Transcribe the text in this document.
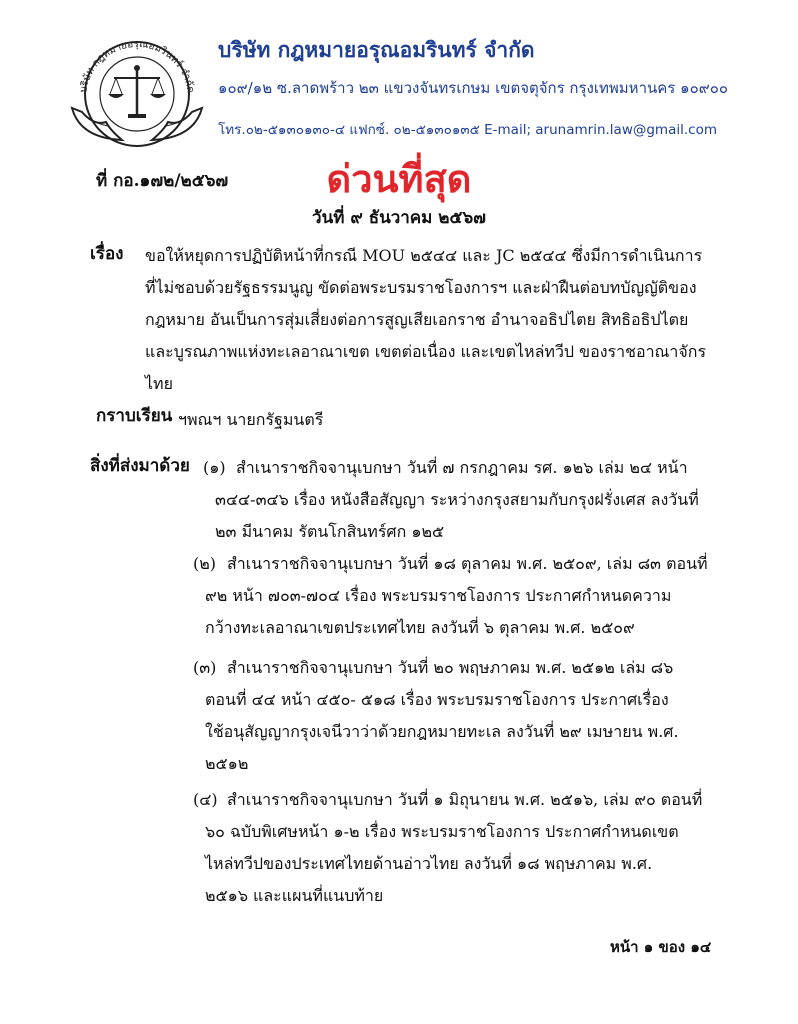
บริษัท กฎหมายอรุณอมรินทร์ จำกัด
บริษัท กฎหมายอรุณอมรินทร์ จำกัด
๑๐๙/๑๒ ซ.ลาดพร้าว ๒๓ แขวงจันทรเกษม เขตจตุจักร กรุงเทพมหานคร ๑๐๙๐๐
โทร.๐๒-๕๑๓๐๑๓๐-๔ แฟกซ์. ๐๒-๕๑๓๐๑๓๕ E-mail; arunamrin.law@gmail.com
ที่ กอ.๑๗๒/๒๕๖๗	ด่วนที่สุด
วันที่ ๙ ธันวาคม ๒๕๖๗
เรื่อง ขอให้หยุดการปฏิบัติหน้าที่กรณี MOU ๒๕๔๔ และ JC ๒๕๔๔ ซึ่งมีการดำเนินการ
ที่ไม่ชอบด้วยรัฐธรรมนูญ ขัดต่อพระบรมราชโองการฯ และฝ่าฝืนต่อบทบัญญัติของ
กฎหมาย อันเป็นการสุ่มเสี่ยงต่อการสูญเสียเอกราช อำนาจอธิปไตย สิทธิอธิปไตย
และบูรณภาพแห่งทะเลอาณาเขต เขตต่อเนื่อง และเขตไหล่ทวีป ของราชอาณาจักร
ไทย
กราบเรียน ฯพณฯ นายกรัฐมนตรี
สิ่งที่ส่งมาด้วย (๑) สำเนาราชกิจจานุเบกษา วันที่ ๗ กรกฎาคม รศ. ๑๒๖ เล่ม ๒๔ หน้า
๓๔๔-๓๔๖ เรื่อง หนังสือสัญญา ระหว่างกรุงสยามกับกรุงฝรั่งเศส ลงวันที่
๒๓ มีนาคม รัตนโกสินทร์ศก ๑๒๕
(๒) สำเนาราชกิจจานุเบกษา วันที่ ๑๘ ตุลาคม พ.ศ. ๒๕๐๙, เล่ม ๘๓ ตอนที่
๙๒ หน้า ๗๐๓-๗๐๔ เรื่อง พระบรมราชโองการ ประกาศกำหนดความ
กว้างทะเลอาณาเขตประเทศไทย ลงวันที่ ๖ ตุลาคม พ.ศ. ๒๕๐๙
(๓) สำเนาราชกิจจานุเบกษา วันที่ ๒๐ พฤษภาคม พ.ศ. ๒๕๑๒ เล่ม ๘๖
ตอนที่ ๔๔ หน้า ๔๕๐- ๕๑๘ เรื่อง พระบรมราชโองการ ประกาศเรื่อง
ใช้อนุสัญญากรุงเจนีวาว่าด้วยกฎหมายทะเล ลงวันที่ ๒๙ เมษายน พ.ศ.
๒๕๑๒
(๔) สำเนาราชกิจจานุเบกษา วันที่ ๑ มิถุนายน พ.ศ. ๒๕๑๖, เล่ม ๙๐ ตอนที่
๖๐ ฉบับพิเศษหน้า ๑-๒ เรื่อง พระบรมราชโองการ ประกาศกำหนดเขต
ไหล่ทวีปของประเทศไทยด้านอ่าวไทย ลงวันที่ ๑๘ พฤษภาคม พ.ศ.
๒๕๑๖ และแผนที่แนบท้าย
หน้า ๑ ของ ๑๔
